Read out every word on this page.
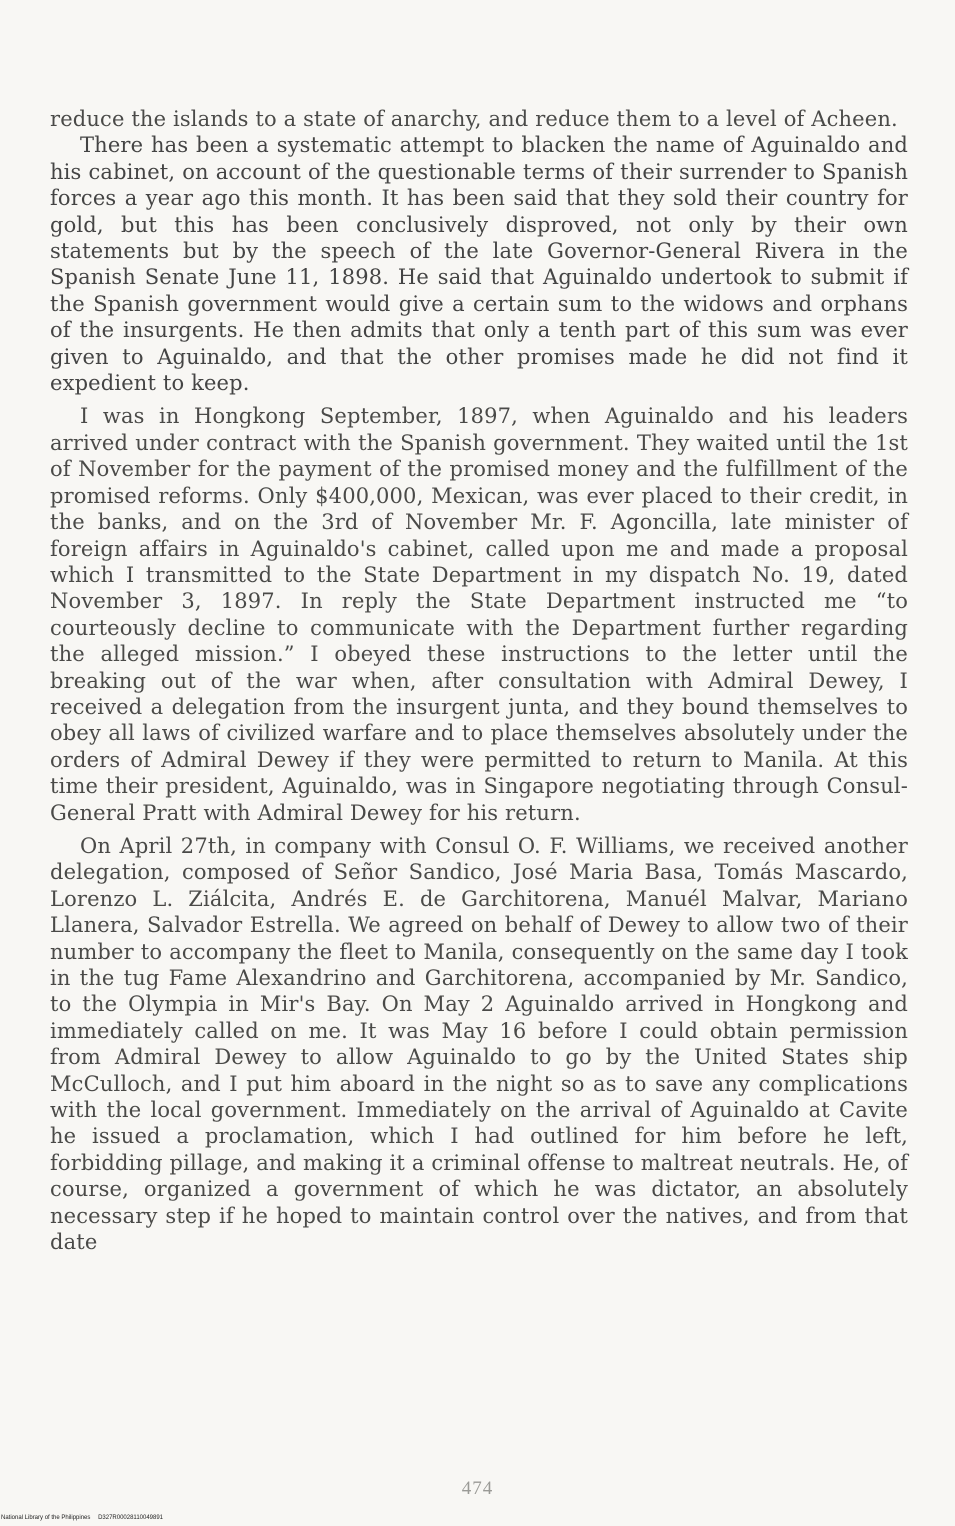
reduce the islands to a state of anarchy, and reduce them to a level of Acheen.

There has been a systematic attempt to blacken the name of Aguinaldo and his cabinet, on account of the questionable terms of their surrender to Spanish forces a year ago this month. It has been said that they sold their country for gold, but this has been conclusively disproved, not only by their own statements but by the speech of the late Governor-General Rivera in the Spanish Senate June 11, 1898. He said that Aguinaldo undertook to submit if the Spanish government would give a certain sum to the widows and orphans of the insurgents. He then admits that only a tenth part of this sum was ever given to Aguinaldo, and that the other promises made he did not find it expedient to keep.

I was in Hongkong September, 1897, when Aguinaldo and his leaders arrived under contract with the Spanish government. They waited until the 1st of November for the payment of the promised money and the fulfillment of the promised reforms. Only $400,000, Mexican, was ever placed to their credit, in the banks, and on the 3rd of November Mr. F. Agoncilla, late minister of foreign affairs in Aguinaldo's cabinet, called upon me and made a proposal which I transmitted to the State Department in my dispatch No. 19, dated November 3, 1897. In reply the State Department instructed me “to courteously decline to communicate with the Department further regarding the alleged mission.” I obeyed these instructions to the letter until the breaking out of the war when, after consultation with Admiral Dewey, I received a delegation from the insurgent junta, and they bound themselves to obey all laws of civilized warfare and to place themselves absolutely under the orders of Admiral Dewey if they were permitted to return to Manila. At this time their president, Aguinaldo, was in Singapore negotiating through Consul-General Pratt with Admiral Dewey for his return.

On April 27th, in company with Consul O. F. Williams, we received another delegation, composed of Señor Sandico, José Maria Basa, Tomás Mascardo, Lorenzo L. Ziálcita, Andrés E. de Garchitorena, Manuél Malvar, Mariano Llanera, Salvador Estrella. We agreed on behalf of Dewey to allow two of their number to accompany the fleet to Manila, consequently on the same day I took in the tug Fame Alexandrino and Garchitorena, accompanied by Mr. Sandico, to the Olympia in Mir's Bay. On May 2 Aguinaldo arrived in Hongkong and immediately called on me. It was May 16 before I could obtain permission from Admiral Dewey to allow Aguinaldo to go by the United States ship McCulloch, and I put him aboard in the night so as to save any complications with the local government. Immediately on the arrival of Aguinaldo at Cavite he issued a proclamation, which I had outlined for him before he left, forbidding pillage, and making it a criminal offense to maltreat neutrals. He, of course, organized a government of which he was dictator, an absolutely necessary step if he hoped to maintain control over the natives, and from that date

474
National Library of the Philippines D327R00028110049891
